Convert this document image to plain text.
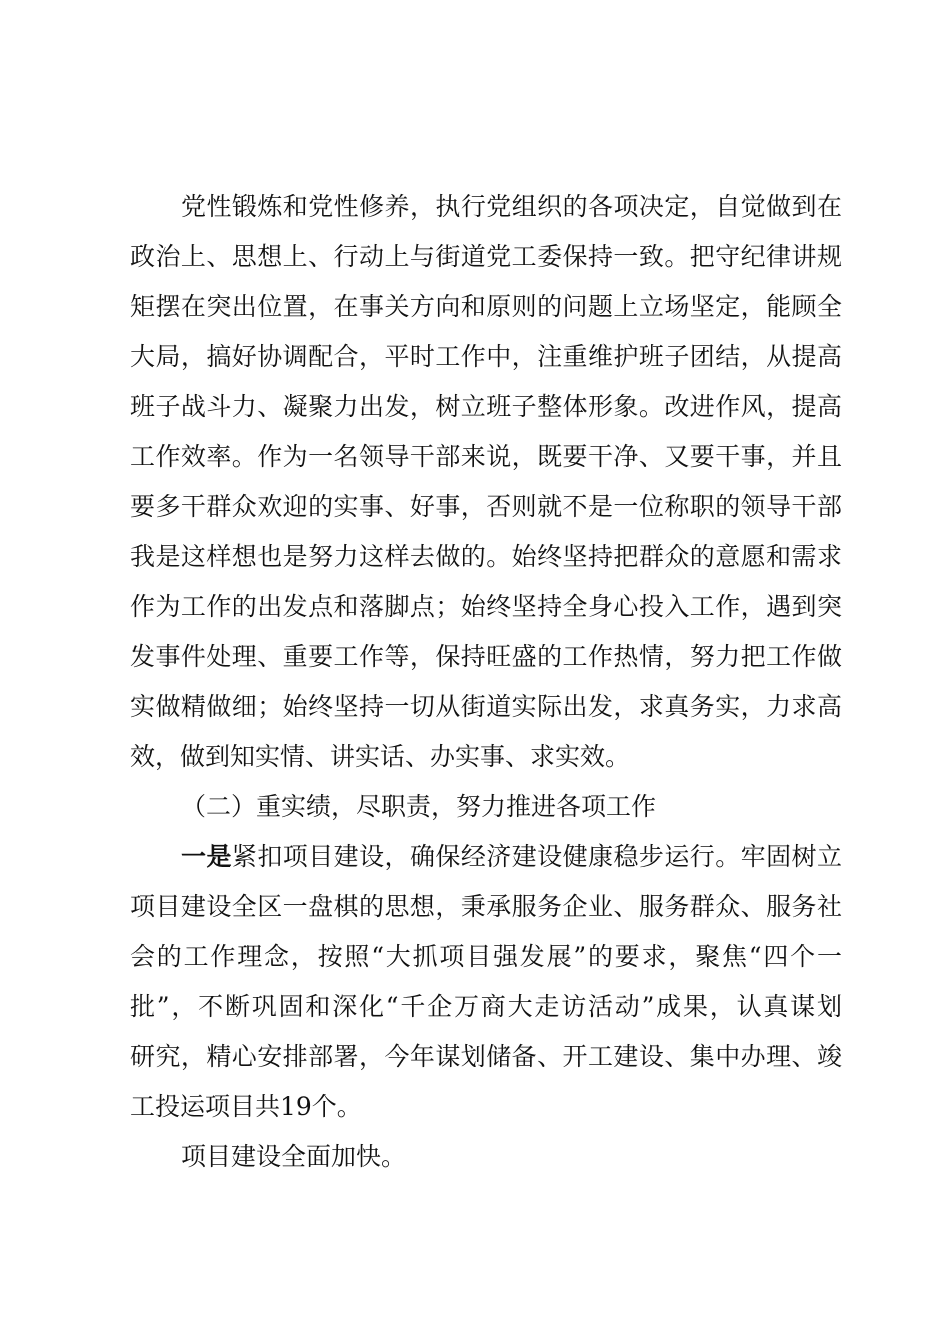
党性锻炼和党性修养，执行党组织的各项决定，自觉做到在
政治上、思想上、行动上与街道党工委保持一致。把守纪律讲规
矩摆在突出位置，在事关方向和原则的问题上立场坚定，能顾全
大局，搞好协调配合，平时工作中，注重维护班子团结，从提高
班子战斗力、凝聚力出发，树立班子整体形象。改进作风，提高
工作效率。作为一名领导干部来说，既要干净、又要干事，并且
要多干群众欢迎的实事、好事，否则就不是一位称职的领导干部
我是这样想也是努力这样去做的。始终坚持把群众的意愿和需求
作为工作的出发点和落脚点；始终坚持全身心投入工作，遇到突
发事件处理、重要工作等，保持旺盛的工作热情，努力把工作做
实做精做细；始终坚持一切从街道实际出发，求真务实，力求高
效，做到知实情、讲实话、办实事、求实效。
（二）重实绩，尽职责，努力推进各项工作
一是紧扣项目建设，确保经济建设健康稳步运行。牢固树立
项目建设全区一盘棋的思想，秉承服务企业、服务群众、服务社
会的工作理念，按照“大抓项目强发展”的要求，聚焦“四个一
批”，不断巩固和深化“千企万商大走访活动”成果，认真谋划
研究，精心安排部署，今年谋划储备、开工建设、集中办理、竣
工投运项目共19个。
项目建设全面加快。
